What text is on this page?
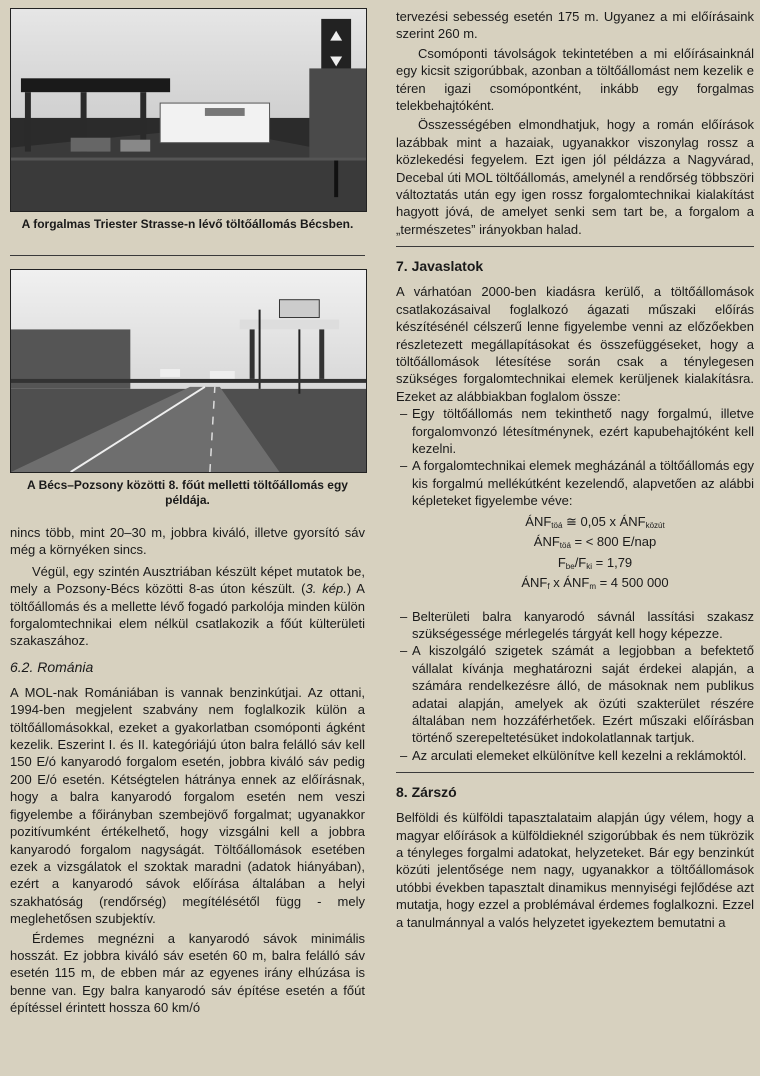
A forgalmas Triester Strasse-n lévő töltőállomás Bécsben.
A Bécs–Pozsony közötti 8. főút melletti töltőállomás egy példája.

nincs több, mint 20–30 m, jobbra kiváló, illetve gyorsító sáv még a környéken sincs.

Végül, egy szintén Ausztriában készült képet mutatok be, mely a Pozsony-Bécs közötti 8-as úton készült. (3. kép.) A töltőállomás és a mellette lévő fogadó parkolója minden külön forgalomtechnikai elem nélkül csatlakozik a főút külterületi szakaszához.

6.2. Románia

A MOL-nak Romániában is vannak benzinkútjai. Az ottani, 1994-ben megjelent szabvány nem foglalkozik külön a töltőállomásokkal, ezeket a gyakorlatban csomóponti ágként kezelik. Eszerint I. és II. kategóriájú úton balra felálló sáv kell 150 E/ó kanyarodó forgalom esetén, jobbra kiváló sáv pedig 200 E/ó esetén. Kétségtelen hátránya ennek az előírásnak, hogy a balra kanyarodó forgalom esetén nem veszi figyelembe a főirányban szembejövő forgalmat; ugyanakkor pozitívumként értékelhető, hogy vizsgálni kell a jobbra kanyarodó forgalom nagyságát. Töltőállomások esetében ezek a vizsgálatok el szoktak maradni (adatok hiányában), ezért a kanyarodó sávok előírása általában a helyi szakhatóság (rendőrség) megítélésétől függ - mely meglehetősen szubjektív.

Érdemes megnézni a kanyarodó sávok minimális hosszát. Ez jobbra kiváló sáv esetén 60 m, balra felálló sáv esetén 115 m, de ebben már az egyenes irány elhúzása is benne van. Egy balra kanyarodó sáv építése esetén a főút építéssel érintett hossza 60 km/ó

tervezési sebesség esetén 175 m. Ugyanez a mi előírásaink szerint 260 m.

Csomóponti távolságok tekintetében a mi előírásainknál egy kicsit szigorúbbak, azonban a töltőállomást nem kezelik e téren igazi csomópontként, inkább egy forgalmas telekbehajtóként.

Összességében elmondhatjuk, hogy a román előírások lazábbak mint a hazaiak, ugyanakkor viszonylag rossz a közlekedési fegyelem. Ezt igen jól példázza a Nagyvárad, Decebal úti MOL töltőállomás, amelynél a rendőrség többszöri változtatás után egy igen rossz forgalomtechnikai kialakítást hagyott jóvá, de amelyet senki sem tart be, a forgalom a „természetes” irányokban halad.

7. Javaslatok

A várhatóan 2000-ben kiadásra kerülő, a töltőállomások csatlakozásaival foglalkozó ágazati műszaki előírás készítésénél célszerű lenne figyelembe venni az előzőekben részletezett megállapításokat és összefüggéseket, hogy a töltőállomások létesítése során csak a ténylegesen szükséges forgalomtechnikai elemek kerüljenek kialakításra. Ezeket az alábbiakban foglalom össze:

– Egy töltőállomás nem tekinthető nagy forgalmú, illetve forgalomvonzó létesítménynek, ezért kapubehajtóként kell kezelni.
– A forgalomtechnikai elemek megházánál a töltőállomás egy kis forgalmú mellékútként kezelendő, alapvetően az alábbi képleteket figyelembe véve:
$ÁNF_{töá}$ ≅ 0,05 x $ÁNF_{közút}$
$ÁNF_{töá}$ = < 800 E/nap
$F_{be}/F_{ki} = 1,79$
$ÁNF_f$ x $ÁNF_m = 4$ 500 000
– Belterületi balra kanyarodó sávnál lassítási szakasz szükségessége mérlegelés tárgyát kell hogy képezze.
– A kiszolgáló szigetek számát a legjobban a befektető vállalat kívánja meghatározni saját érdekei alapján, a számára rendelkezésre álló, de másoknak nem publikus adatai alapján, amelyek ak özúti szakterület részére általában nem hozzáférhetőek. Ezért műszaki előírásban történő szerepeltetésüket indokolatlannak tartjuk.
– Az arculati elemeket elkülönítve kell kezelni a reklámoktól.
8. Zárszó

Belföldi és külföldi tapasztalataim alapján úgy vélem, hogy a magyar előírások a külföldieknél szigorúbbak és nem tükrözik a tényleges forgalmi adatokat, helyzeteket. Bár egy benzinkút közúti jelentősége nem nagy, ugyanakkor a töltőállomások utóbbi években tapasztalt dinamikus mennyiségi fejlődése azt mutatja, hogy ezzel a problémával érdemes foglalkozni. Ezzel a tanulmánnyal a valós helyzetet igyekeztem bemutatni a
